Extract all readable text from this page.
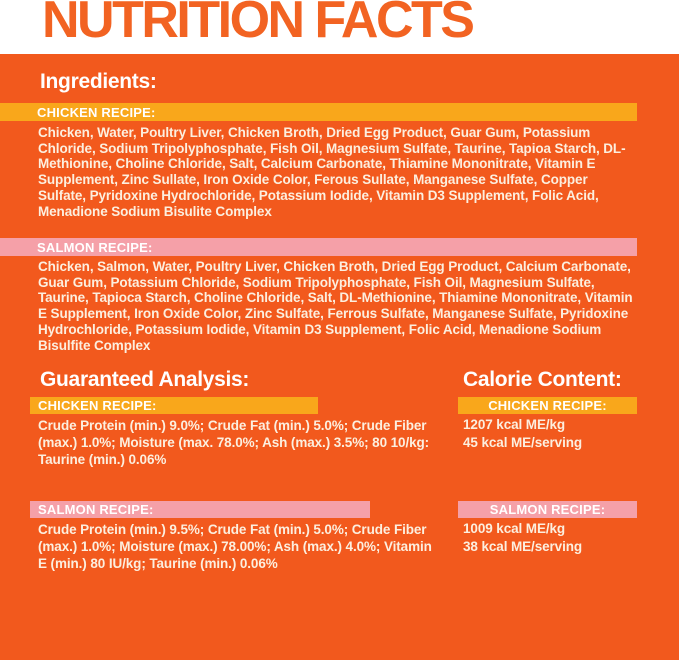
NUTRITION FACTS
Ingredients:
CHICKEN RECIPE:

Chicken, Water, Poultry Liver, Chicken Broth, Dried Egg Product, Guar Gum, Potassium Chloride, Sodium Tripolyphosphate, Fish Oil, Magnesium Sulfate, Taurine, Tapioa Starch, DL-Methionine, Choline Chloride, Salt, Calcium Carbonate, Thiamine Mononitrate, Vitamin E Supplement, Zinc Sullate, Iron Oxide Color, Ferous Sullate, Manganese Sulfate, Copper Sulfate, Pyridoxine Hydrochloride, Potassium Iodide, Vitamin D3 Supplement, Folic Acid, Menadione Sodium Bisulite Complex

SALMON RECIPE:

Chicken, Salmon, Water, Poultry Liver, Chicken Broth, Dried Egg Product, Calcium Carbonate, Guar Gum, Potassium Chloride, Sodium Tripolyphosphate, Fish Oil, Magnesium Sulfate, Taurine, Tapioca Starch, Choline Chloride, Salt, DL-Methionine, Thiamine Mononitrate, Vitamin E Supplement, Iron Oxide Color, Zinc Sulfate, Ferrous Sulfate, Manganese Sulfate, Pyridoxine Hydrochloride, Potassium Iodide, Vitamin D3 Supplement, Folic Acid, Menadione Sodium Bisulfite Complex

Guaranteed Analysis:	Calorie Content:
CHICKEN RECIPE:	CHICKEN RECIPE:

Crude Protein (min.) 9.0%; Crude Fat (min.) 5.0%; Crude Fiber (max.) 1.0%; Moisture (max. 78.0%; Ash (max.) 3.5%; 80 10/kg: Taurine (min.) 0.06%

1207 kcal ME/kg
45 kcal ME/serving
SALMON RECIPE:	SALMON RECIPE:

Crude Protein (min.) 9.5%; Crude Fat (min.) 5.0%; Crude Fiber (max.) 1.0%; Moisture (max.) 78.00%; Ash (max.) 4.0%; Vitamin E (min.) 80 IU/kg; Taurine (min.) 0.06%

1009 kcal ME/kg
38 kcal ME/serving
